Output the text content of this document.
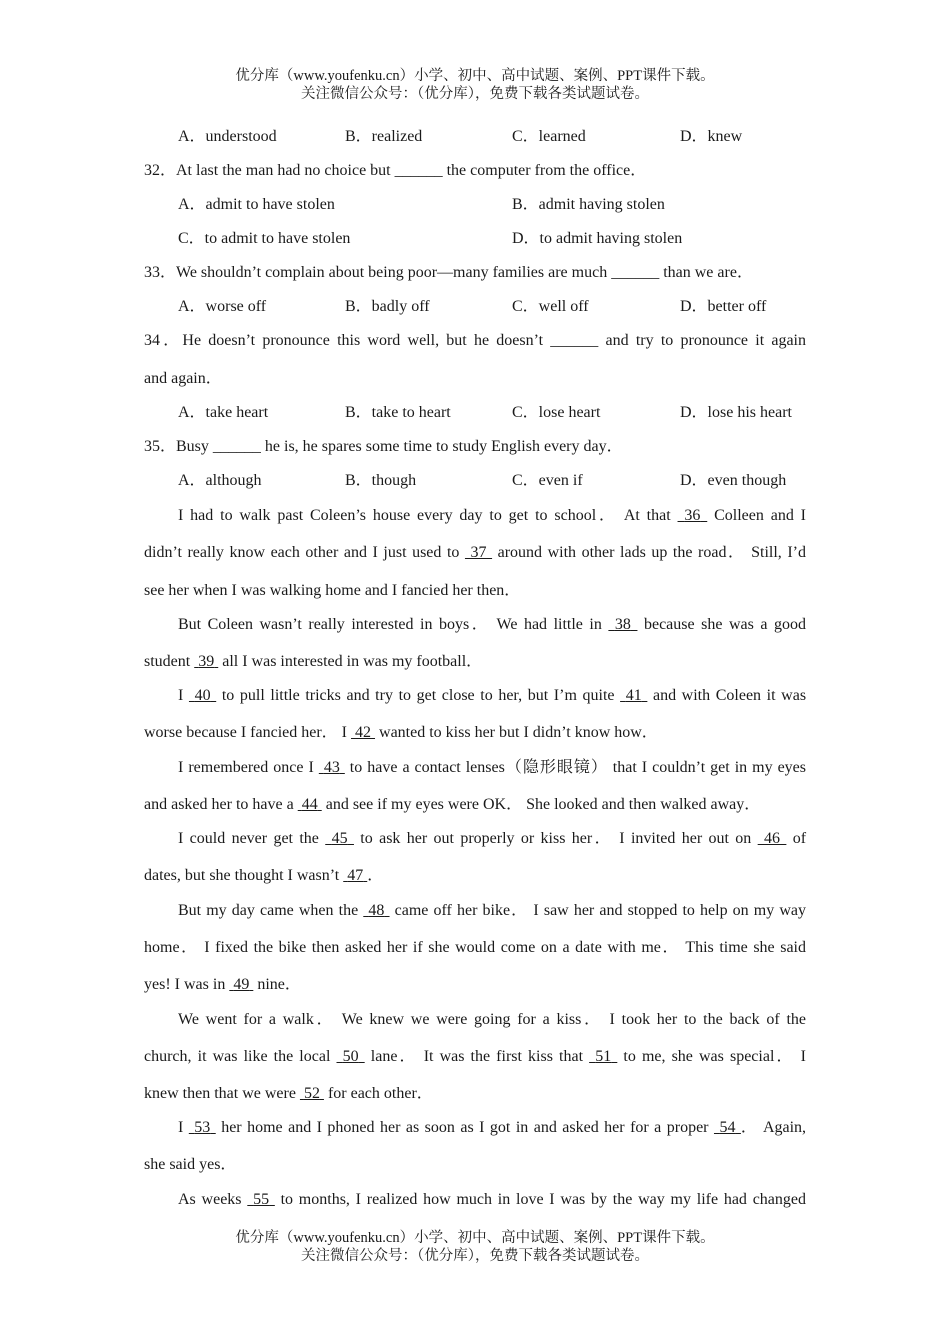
优分库（www.youfenku.cn）小学、初中、高中试题、案例、PPT课件下载。
关注微信公众号：（优分库），免费下载各类试题试卷。
A．understood	B．realized	C．learned	D．knew
32．At last the man had no choice but ______ the computer from the office．
A．admit to have stolen	B．admit having stolen
C．to admit to have stolen	D．to admit having stolen
33．We shouldn’t complain about being poor—many families are much ______ than we are．
A．worse off	B．badly off	C．well off	D．better off
34．He doesn’t pronounce this word well, but he doesn’t ______ and try to pronounce it again
and again．
A．take heart	B．take to heart	C．lose heart	D．lose his heart
35．Busy ______ he is, he spares some time to study English every day．
A．although	B．though	C．even if	D．even though
I had to walk past Coleen’s house every day to get to school． At that  36  Colleen and I
didn’t really know each other and I just used to  37  around with other lads up the road． Still, I’d
see her when I was walking home and I fancied her then．
But Coleen wasn’t really interested in boys． We had little in  38  because she was a good
student  39  all I was interested in was my football．
I  40  to pull little tricks and try to get close to her, but I’m quite  41  and with Coleen it was
worse because I fancied her． I  42  wanted to kiss her but I didn’t know how．
I remembered once I  43  to have a contact lenses（隐形眼镜） that I couldn’t get in my eyes
and asked her to have a  44  and see if my eyes were OK． She looked and then walked away．
I could never get the  45  to ask her out properly or kiss her． I invited her out on  46  of
dates, but she thought I wasn’t  47 ．
But my day came when the  48  came off her bike． I saw her and stopped to help on my way
home． I fixed the bike then asked her if she would come on a date with me． This time she said
yes! I was in  49  nine．
We went for a walk． We knew we were going for a kiss． I took her to the back of the
church, it was like the local  50  lane． It was the first kiss that  51  to me, she was special． I
knew then that we were  52  for each other．
I  53  her home and I phoned her as soon as I got in and asked her for a proper  54 ． Again,
she said yes．
As weeks  55  to months, I realized how much in love I was by the way my life had changed
优分库（www.youfenku.cn）小学、初中、高中试题、案例、PPT课件下载。
关注微信公众号：（优分库），免费下载各类试题试卷。
